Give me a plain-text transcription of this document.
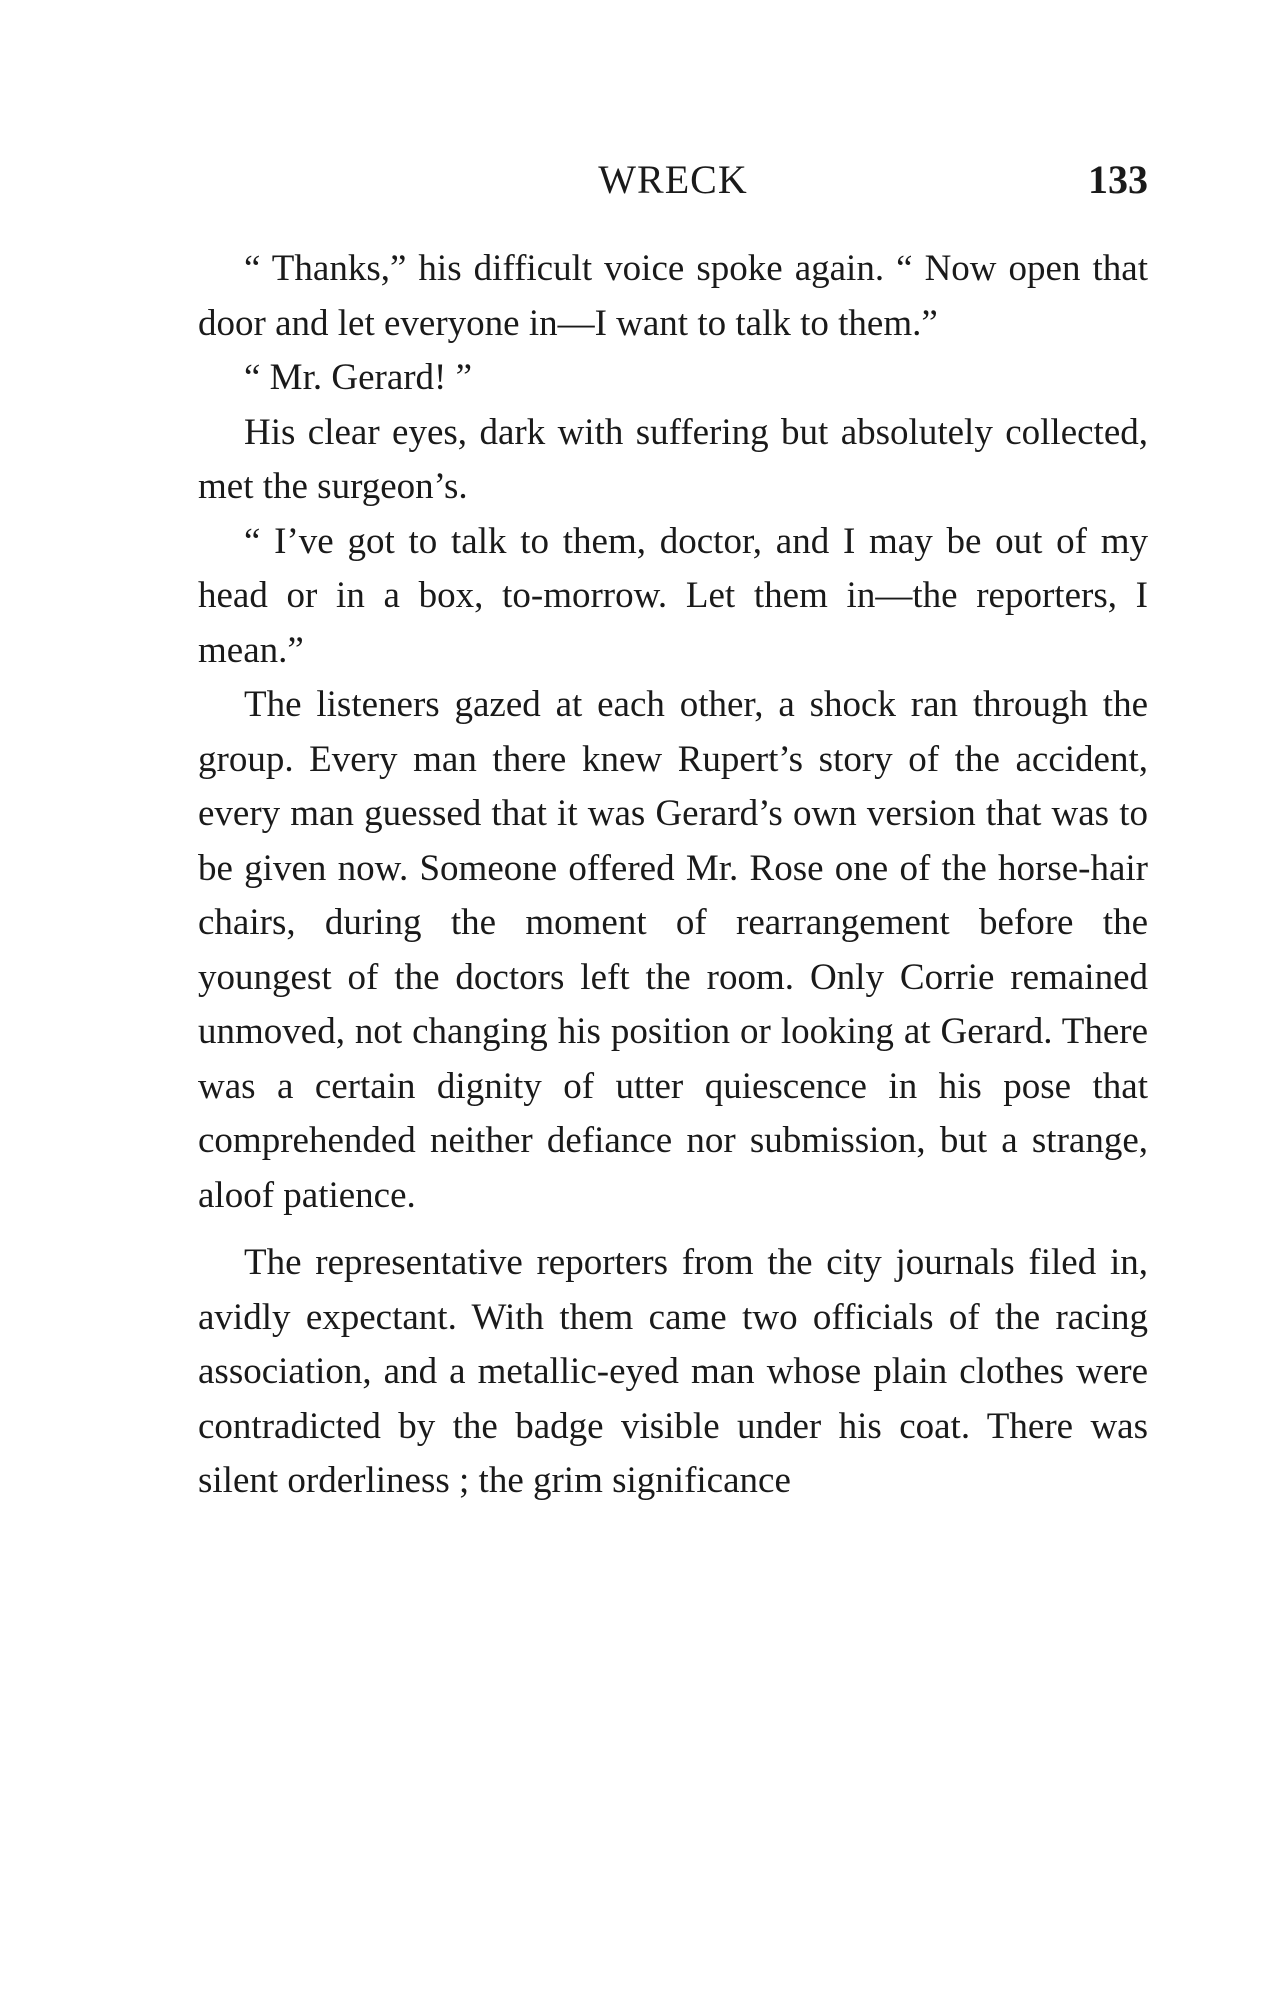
WRECK	133

“ Thanks,” his difficult voice spoke again. “ Now open that door and let everyone in—I want to talk to them.”

“ Mr. Gerard! ”

His clear eyes, dark with suffering but absolutely collected, met the surgeon’s.

“ I’ve got to talk to them, doctor, and I may be out of my head or in a box, to-morrow. Let them in—the reporters, I mean.”

The listeners gazed at each other, a shock ran through the group. Every man there knew Rupert’s story of the accident, every man guessed that it was Gerard’s own version that was to be given now. Someone offered Mr. Rose one of the horse-hair chairs, during the moment of rearrangement before the youngest of the doctors left the room. Only Corrie remained unmoved, not changing his position or looking at Gerard. There was a certain dignity of utter quiescence in his pose that comprehended neither defiance nor submission, but a strange, aloof patience.

The representative reporters from the city journals filed in, avidly expectant. With them came two officials of the racing association, and a metallic-eyed man whose plain clothes were contradicted by the badge visible under his coat. There was silent orderliness ; the grim significance
